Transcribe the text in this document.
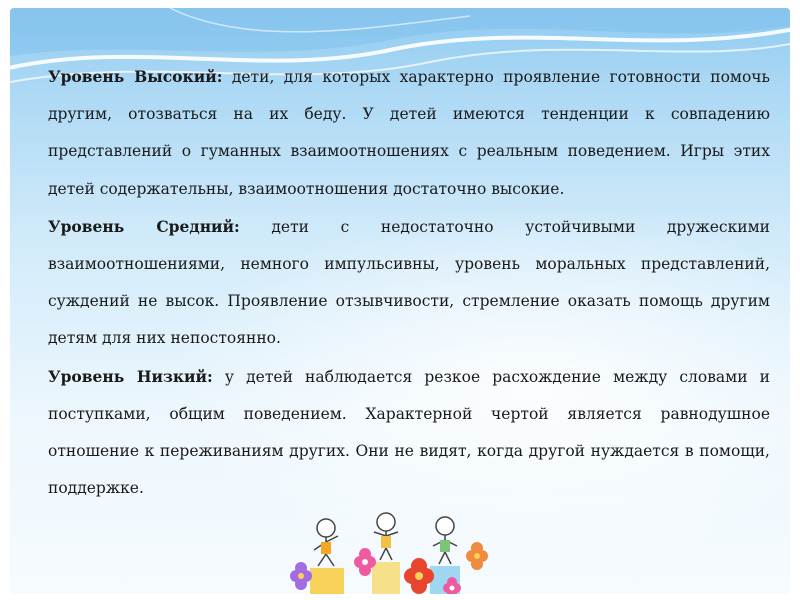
Уровень Высокий: дети, для которых характерно проявление готовности помочь другим, отозваться на их беду. У детей имеются тенденции к совпадению представлений о гуманных взаимоотношениях с реальным поведением. Игры этих детей содержательны, взаимоотношения достаточно высокие.

Уровень Средний: дети с недостаточно устойчивыми дружескими взаимоотношениями, немного импульсивны, уровень моральных представлений, суждений не высок. Проявление отзывчивости, стремление оказать помощь другим детям для них непостоянно.

Уровень Низкий: у детей наблюдается резкое расхождение между словами и поступками, общим поведением. Характерной чертой является равнодушное отношение к переживаниям других. Они не видят, когда другой нуждается в помощи, поддержке.
